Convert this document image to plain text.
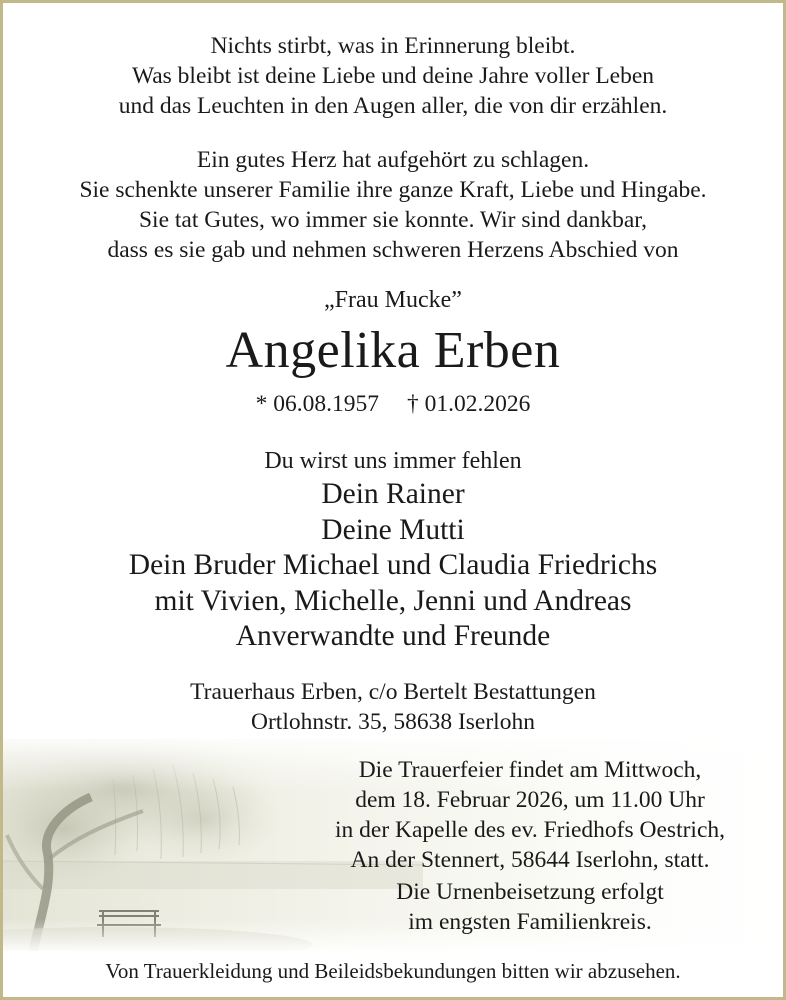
Nichts stirbt, was in Erinnerung bleibt.
Was bleibt ist deine Liebe und deine Jahre voller Leben
und das Leuchten in den Augen aller, die von dir erzählen.
Ein gutes Herz hat aufgehört zu schlagen.
Sie schenkte unserer Familie ihre ganze Kraft, Liebe und Hingabe.
Sie tat Gutes, wo immer sie konnte. Wir sind dankbar,
dass es sie gab und nehmen schweren Herzens Abschied von
„Frau Mucke”
Angelika Erben
* 06.08.1957 † 01.02.2026
Du wirst uns immer fehlen
Dein Rainer
Deine Mutti
Dein Bruder Michael und Claudia Friedrichs
mit Vivien, Michelle, Jenni und Andreas
Anverwandte und Freunde
Trauerhaus Erben, c/o Bertelt Bestattungen
Ortlohnstr. 35, 58638 Iserlohn
Die Trauerfeier findet am Mittwoch,
dem 18. Februar 2026, um 11.00 Uhr
in der Kapelle des ev. Friedhofs Oestrich,
An der Stennert, 58644 Iserlohn, statt.
Die Urnenbeisetzung erfolgt
im engsten Familienkreis.
Von Trauerkleidung und Beileidsbekundungen bitten wir abzusehen.
